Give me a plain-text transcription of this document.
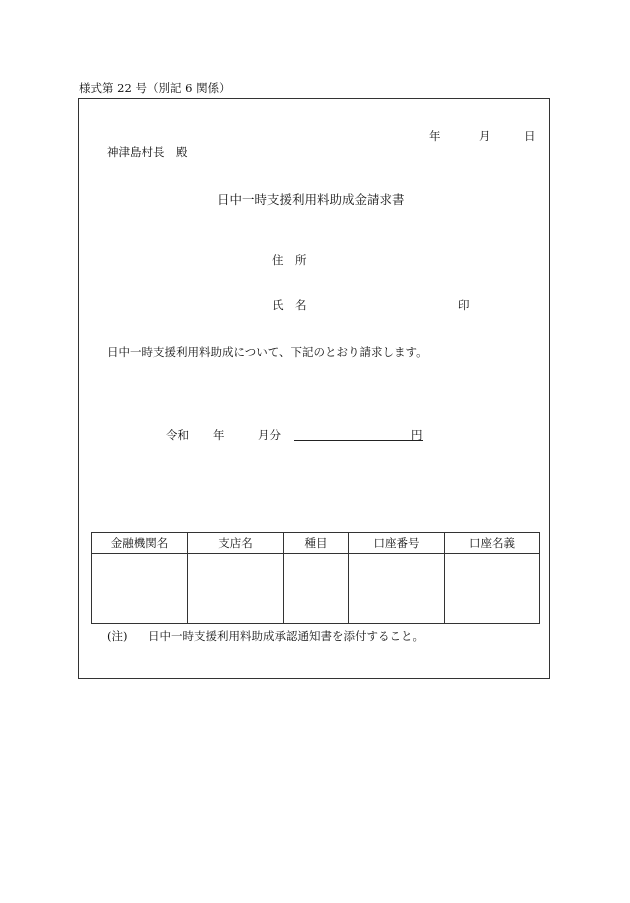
様式第 22 号（別記 6 関係）
年	月	日
神津島村長　殿
日中一時支援利用料助成金請求書
住　所
氏　名	印
日中一時支援利用料助成について、下記のとおり請求します。
令和 年	月分	円
金融機関名	支店名	種目	口座番号	口座名義

(注) 日中一時支援利用料助成承認通知書を添付すること。
